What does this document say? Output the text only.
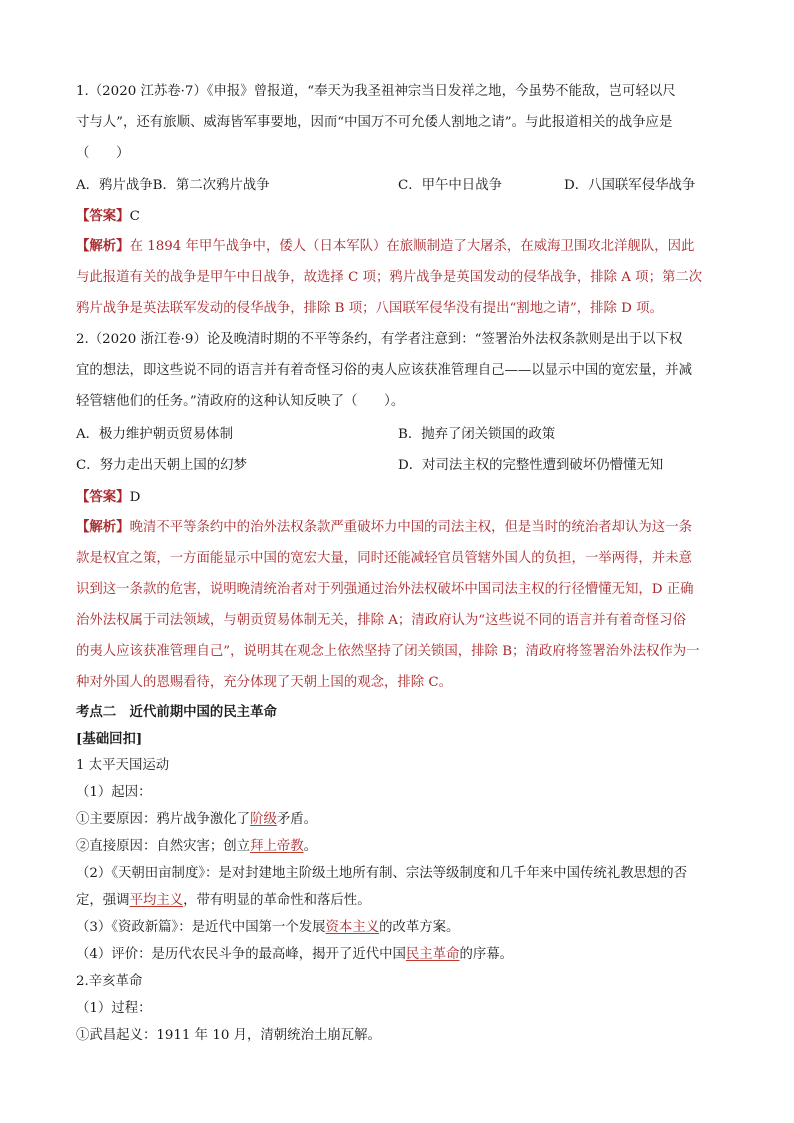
1.（2020 江苏卷·7）《申报》曾报道，“奉天为我圣祖神宗当日发祥之地，今虽势不能敌，岂可轻以尺
寸与人”，还有旅顺、威海皆军事要地，因而“中国万不可允倭人割地之请”。与此报道相关的战争应是
（　　）
A．鸦片战争B．第二次鸦片战争	C．甲午中日战争	D．八国联军侵华战争
【答案】C
【解析】在 1894 年甲午战争中，倭人（日本军队）在旅顺制造了大屠杀，在威海卫围攻北洋舰队，因此
与此报道有关的战争是甲午中日战争，故选择 C 项；鸦片战争是英国发动的侵华战争，排除 A 项；第二次
鸦片战争是英法联军发动的侵华战争，排除 B 项；八国联军侵华没有提出“割地之请”，排除 D 项。
2.（2020 浙江卷·9）论及晚清时期的不平等条约，有学者注意到：“签署治外法权条款则是出于以下权
宜的想法，即这些说不同的语言并有着奇怪习俗的夷人应该获准管理自己——以显示中国的宽宏量，并减
轻管辖他们的任务。”清政府的这种认知反映了（　　）。
A．极力维护朝贡贸易体制	B．抛弃了闭关锁国的政策
C．努力走出天朝上国的幻梦	D．对司法主权的完整性遭到破坏仍懵懂无知
【答案】D
【解析】晚清不平等条约中的治外法权条款严重破坏力中国的司法主权，但是当时的统治者却认为这一条
款是权宜之策，一方面能显示中国的宽宏大量，同时还能减轻官员管辖外国人的负担，一举两得，并未意
识到这一条款的危害，说明晚清统治者对于列强通过治外法权破坏中国司法主权的行径懵懂无知，D 正确
治外法权属于司法领域，与朝贡贸易体制无关，排除 A；清政府认为“这些说不同的语言并有着奇怪习俗
的夷人应该获准管理自己”，说明其在观念上依然坚持了闭关锁国，排除 B；清政府将签署治外法权作为一
种对外国人的恩赐看待，充分体现了天朝上国的观念，排除 C。
考点二　近代前期中国的民主革命
[基础回扣]
1 太平天国运动
（1）起因：
①主要原因：鸦片战争激化了阶级矛盾。
②直接原因：自然灾害；创立拜上帝教。
（2）《天朝田亩制度》：是对封建地主阶级土地所有制、宗法等级制度和几千年来中国传统礼教思想的否
定，强调平均主义，带有明显的革命性和落后性。
（3）《资政新篇》：是近代中国第一个发展资本主义的改革方案。
（4）评价：是历代农民斗争的最高峰，揭开了近代中国民主革命的序幕。
2.辛亥革命
（1）过程：
①武昌起义：1911 年 10 月，清朝统治土崩瓦解。
